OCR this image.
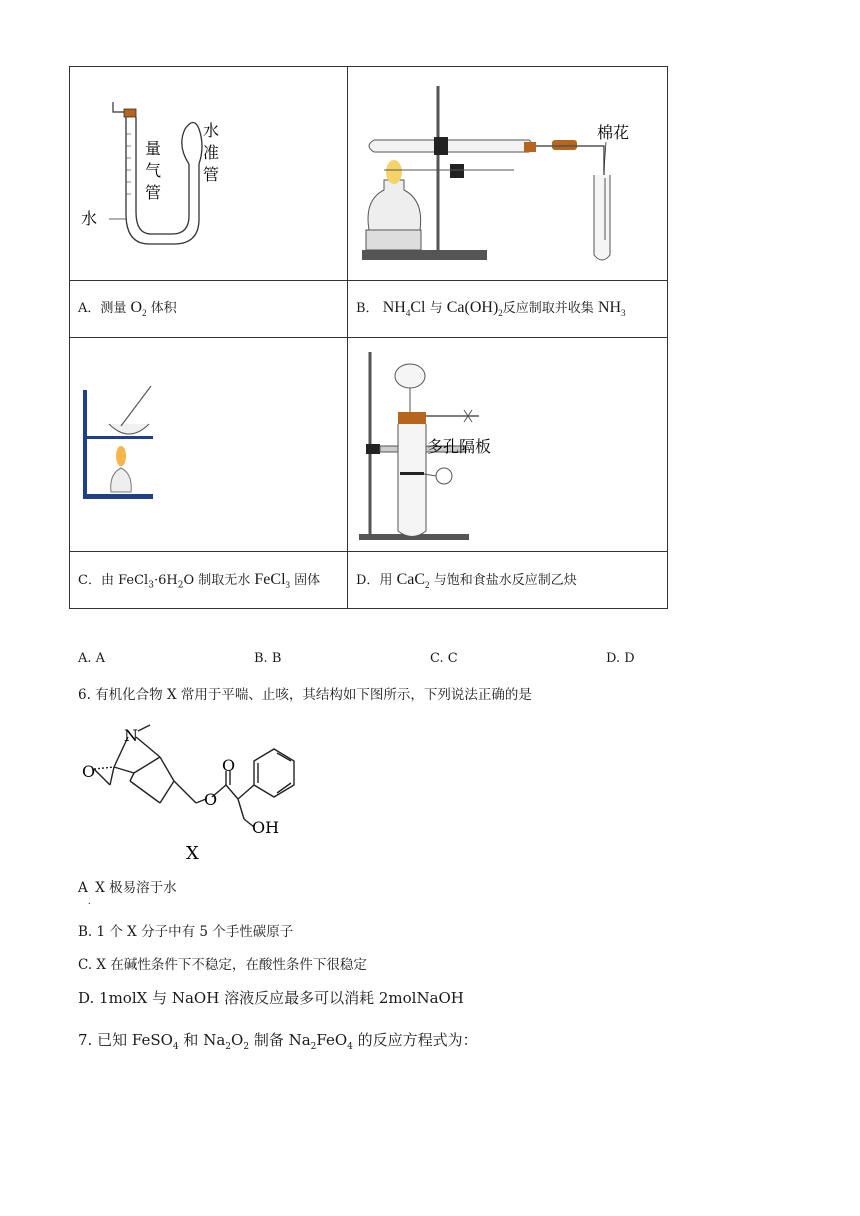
水
量
气
管
水
准
管
A．测量 $O_2$ 体积
棉花
B． $NH_4Cl$ 与 $Ca(OH)_2$反应制取并收集 $NH_3$
C．由 $FeCl_3\cdot 6H_2O$ 制取无水 FeCl$_3$ 固体
多孔隔板
D．用 CaC$_2$ 与饱和食盐水反应制乙炔
A. A	B. B	C. C	D. D
6. 有机化合物 X 常用于平喘、止咳，其结构如下图所示，下列说法正确的是
N
O
O
O
OH
X
$A_.$ X 极易溶于水
B. 1 个 X 分子中有 5 个手性碳原子
C. X 在碱性条件下不稳定，在酸性条件下很稳定
D. 1molX 与 NaOH 溶液反应最多可以消耗 2molNaOH
7. 已知 FeSO$_4$ 和 $Na_2O_2$ 制备 $Na_2FeO_4$ 的反应方程式为：
